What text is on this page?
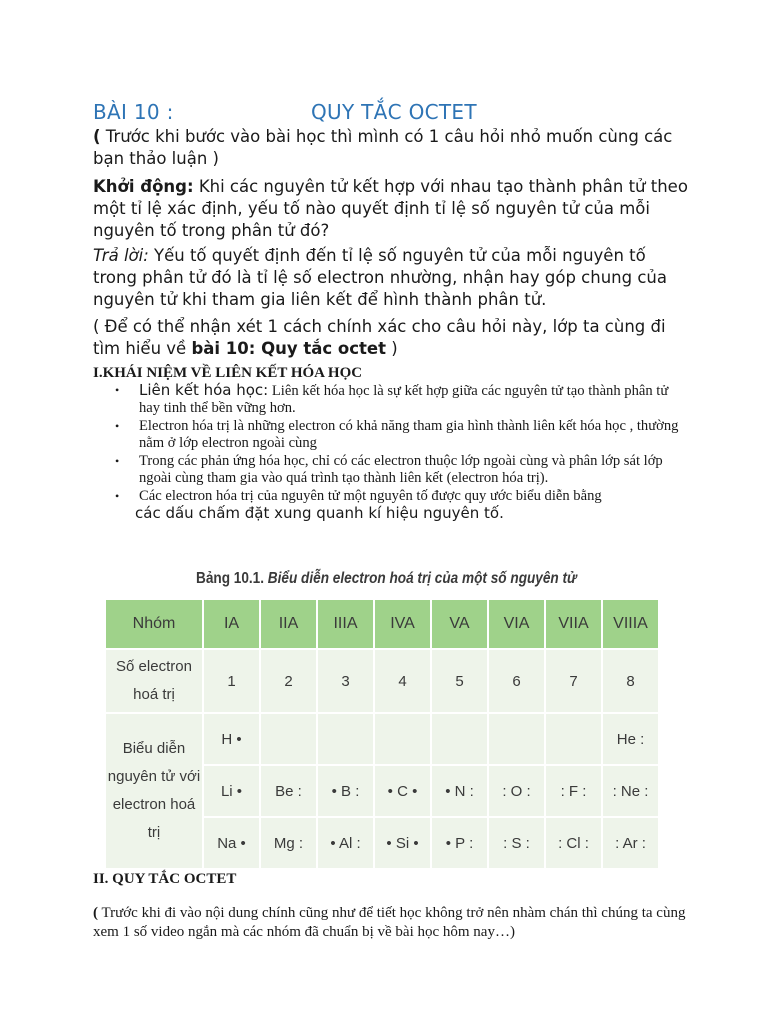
BÀI 10 :	QUY TẮC OCTET

( Trước khi bước vào bài học thì mình có 1 câu hỏi nhỏ muốn cùng các bạn thảo luận )

Khởi động: Khi các nguyên tử kết hợp với nhau tạo thành phân tử theo một tỉ lệ xác định, yếu tố nào quyết định tỉ lệ số nguyên tử của mỗi nguyên tố trong phân tử đó?

Trả lời: Yếu tố quyết định đến tỉ lệ số nguyên tử của mỗi nguyên tố trong phân tử đó là tỉ lệ số electron nhường, nhận hay góp chung của nguyên tử khi tham gia liên kết để hình thành phân tử.

( Để có thể nhận xét 1 cách chính xác cho câu hỏi này, lớp ta cùng đi tìm hiểu về bài 10: Quy tắc octet )

I.KHÁI NIỆM VỀ LIÊN KẾT HÓA HỌC
• Liên kết hóa học: Liên kết hóa học là sự kết hợp giữa các nguyên tử tạo thành phân tử hay tinh thể bền vững hơn.
• Electron hóa trị là những electron có khả năng tham gia hình thành liên kết hóa học , thường nằm ở lớp electron ngoài cùng
• Trong các phản ứng hóa học, chỉ có các electron thuộc lớp ngoài cùng và phân lớp sát lớp ngoài cùng tham gia vào quá trình tạo thành liên kết (electron hóa trị).
• Các electron hóa trị của nguyên tử một nguyên tố được quy ước biểu diễn bằng
các dấu chấm đặt xung quanh kí hiệu nguyên tố.
Bảng 10.1. Biểu diễn electron hoá trị của một số nguyên tử
Nhóm	IA	IIA	IIIA	IVA	VA	VIA	VIIA	VIIIA
Số electron hoá trị	1	2	3	4	5	6	7	8
Biểu diễn nguyên tử với electron hoá trị	H •							He :
	Li •	Be :	• B :	• C •	• N :	: O :	: F :	: Ne :
	Na •	Mg :	• Al :	• Si •	• P :	: S :	: Cl :	: Ar :
II. QUY TẮC OCTET

( Trước khi đi vào nội dung chính cũng như để tiết học không trở nên nhàm chán thì chúng ta cùng xem 1 số video ngắn mà các nhóm đã chuẩn bị về bài học hôm nay…)
